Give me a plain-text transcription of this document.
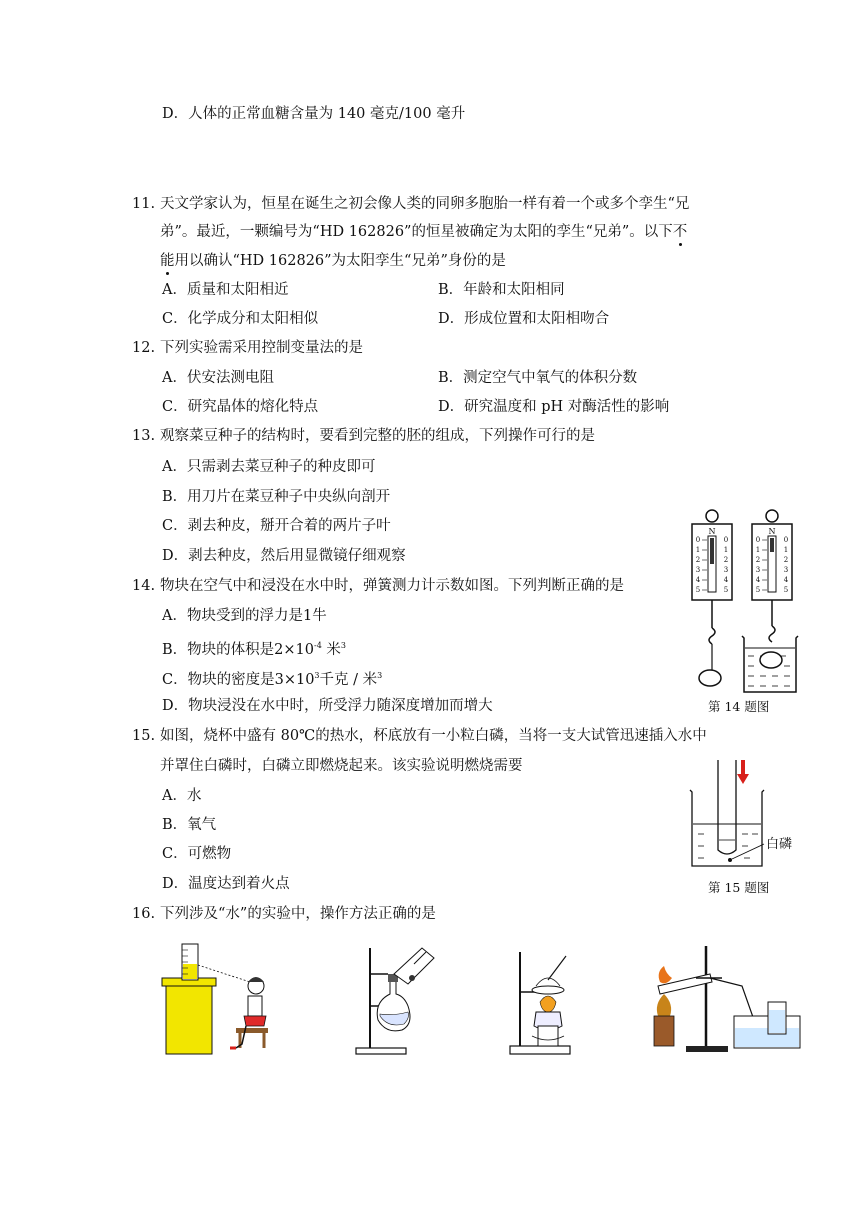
D．人体的正常血糖含量为 140 毫克/100 毫升
11. 天文学家认为，恒星在诞生之初会像人类的同卵多胞胎一样有着一个或多个孪生“兄
弟”。最近，一颗编号为“HD 162826”的恒星被确定为太阳的孪生“兄弟”。以下不
能用以确认“HD 162826”为太阳孪生“兄弟”身份的是
A．质量和太阳相近	B．年龄和太阳相同
C．化学成分和太阳相似	D．形成位置和太阳相吻合
12. 下列实验需采用控制变量法的是
A．伏安法测电阻	B．测定空气中氧气的体积分数
C．研究晶体的熔化特点	D．研究温度和 pH 对酶活性的影响
13. 观察菜豆种子的结构时，要看到完整的胚的组成，下列操作可行的是
A．只需剥去菜豆种子的种皮即可
B．用刀片在菜豆种子中央纵向剖开
C．剥去种皮，掰开合着的两片子叶
D．剥去种皮，然后用显微镜仔细观察
14. 物块在空气中和浸没在水中时，弹簧测力计示数如图。下列判断正确的是
A．物块受到的浮力是1牛
B．物块的体积是$2\times 10^{-4}$ 米$^3$
C．物块的密度是$3\times 10^3$千克 / 米$^3$
D．物块浸没在水中时，所受浮力随深度增加而增大
N
0	0
1	1
2	2
3	3
4	4
5	5
N
0	0
1	1
2	2
3	3
4	4
5	5
第 14 题图
15. 如图，烧杯中盛有 80℃的热水，杯底放有一小粒白磷，当将一支大试管迅速插入水中
并罩住白磷时，白磷立即燃烧起来。该实验说明燃烧需要
A．水
B．氧气
C．可燃物
D．温度达到着火点
白磷
第 15 题图
16. 下列涉及“水”的实验中，操作方法正确的是
